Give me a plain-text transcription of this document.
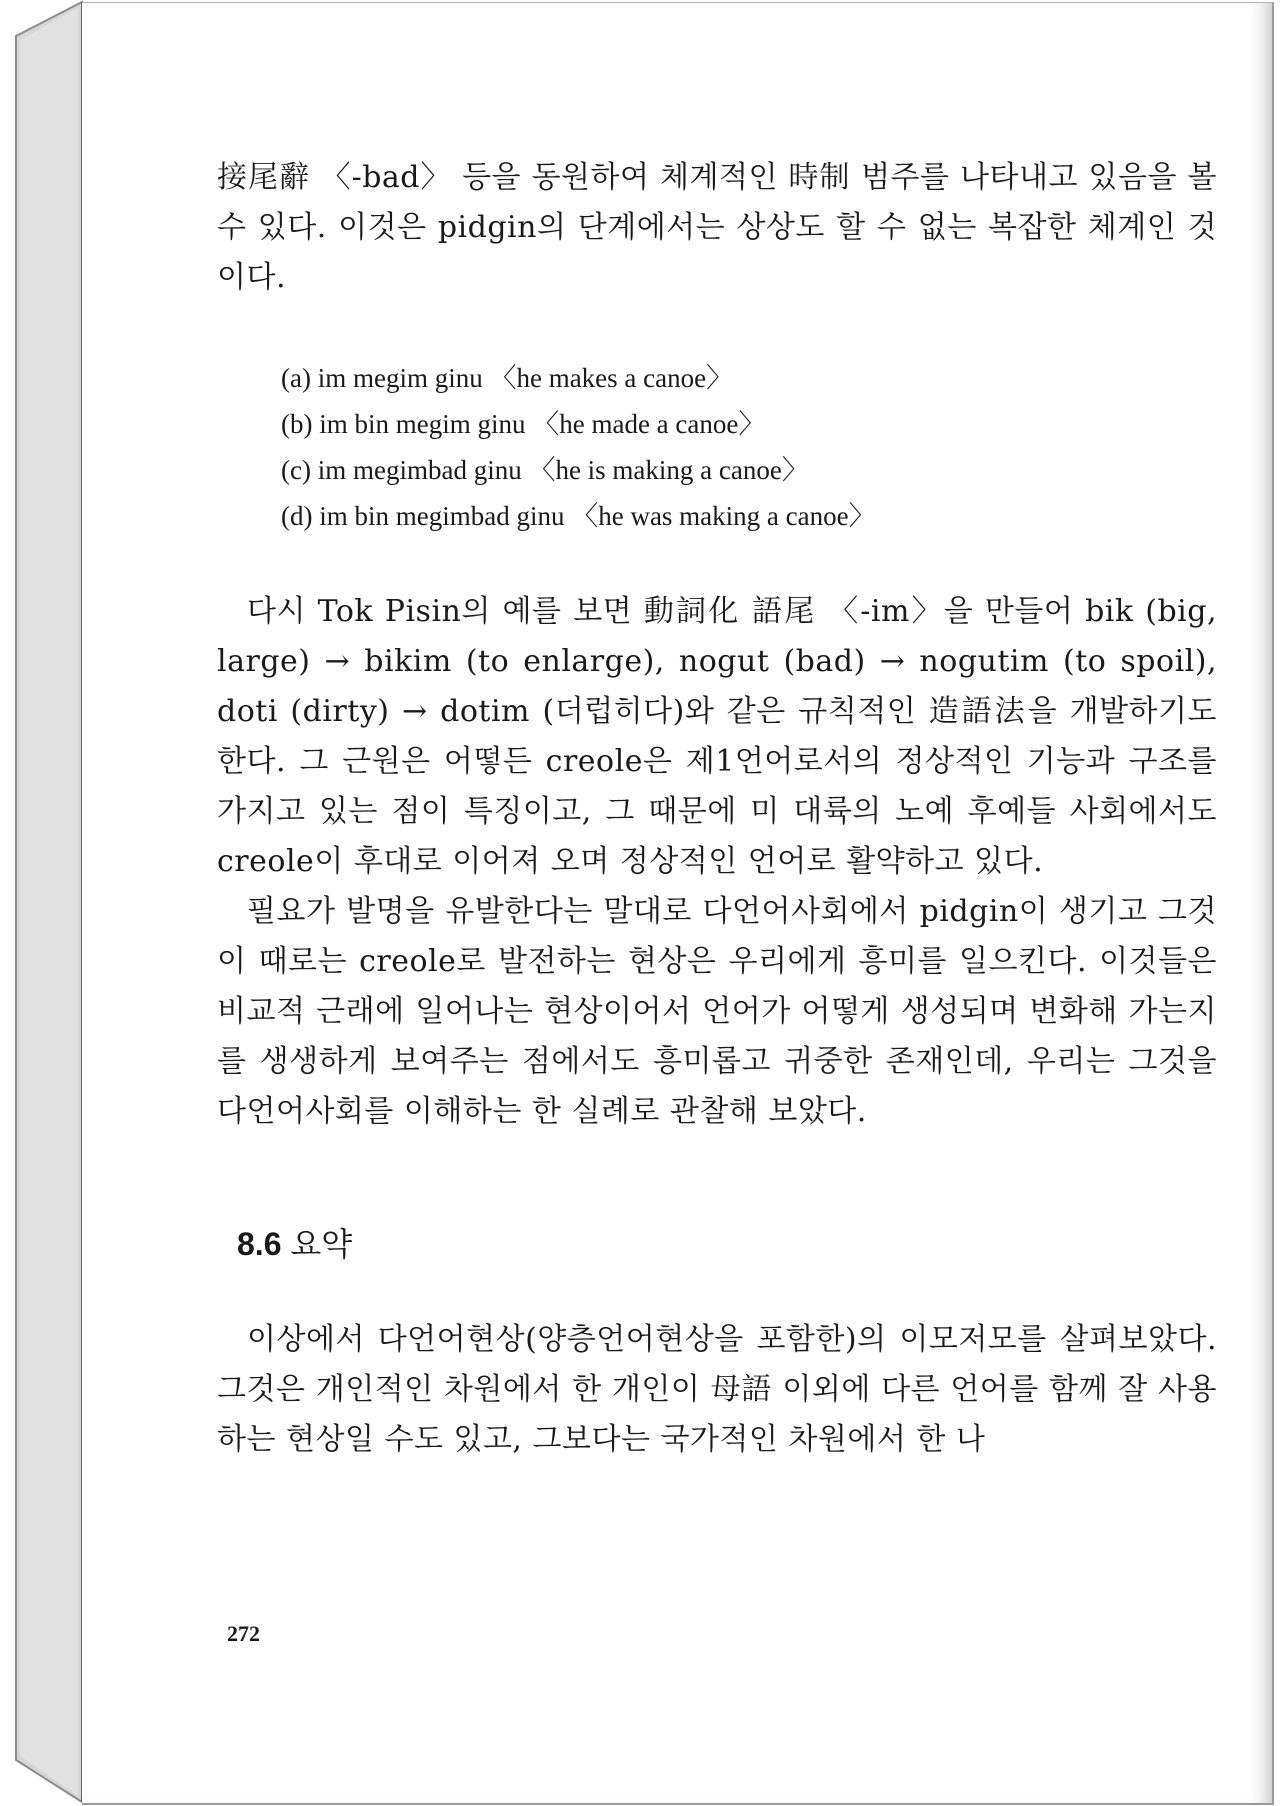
接尾辭 〈-bad〉 등을 동원하여 체계적인 時制 범주를 나타내고 있음을 볼 수 있다. 이것은 pidgin의 단계에서는 상상도 할 수 없는 복잡한 체계인 것이다.

(a) im megim ginu 〈he makes a canoe〉
(b) im bin megim ginu 〈he made a canoe〉
(c) im megimbad ginu 〈he is making a canoe〉
(d) im bin megimbad ginu 〈he was making a canoe〉

다시 Tok Pisin의 예를 보면 動詞化 語尾 〈-im〉을 만들어 bik (big, large) → bikim (to enlarge), nogut (bad) → nogutim (to spoil), doti (dirty) → dotim (더럽히다)와 같은 규칙적인 造語法을 개발하기도 한다. 그 근원은 어떻든 creole은 제1언어로서의 정상적인 기능과 구조를 가지고 있는 점이 특징이고, 그 때문에 미 대륙의 노예 후예들 사회에서도 creole이 후대로 이어져 오며 정상적인 언어로 활약하고 있다.

필요가 발명을 유발한다는 말대로 다언어사회에서 pidgin이 생기고 그것이 때로는 creole로 발전하는 현상은 우리에게 흥미를 일으킨다. 이것들은 비교적 근래에 일어나는 현상이어서 언어가 어떻게 생성되며 변화해 가는지를 생생하게 보여주는 점에서도 흥미롭고 귀중한 존재인데, 우리는 그것을 다언어사회를 이해하는 한 실례로 관찰해 보았다.

8.6 요약

이상에서 다언어현상(양층언어현상을 포함한)의 이모저모를 살펴보았다. 그것은 개인적인 차원에서 한 개인이 母語 이외에 다른 언어를 함께 잘 사용하는 현상일 수도 있고, 그보다는 국가적인 차원에서 한 나

272
